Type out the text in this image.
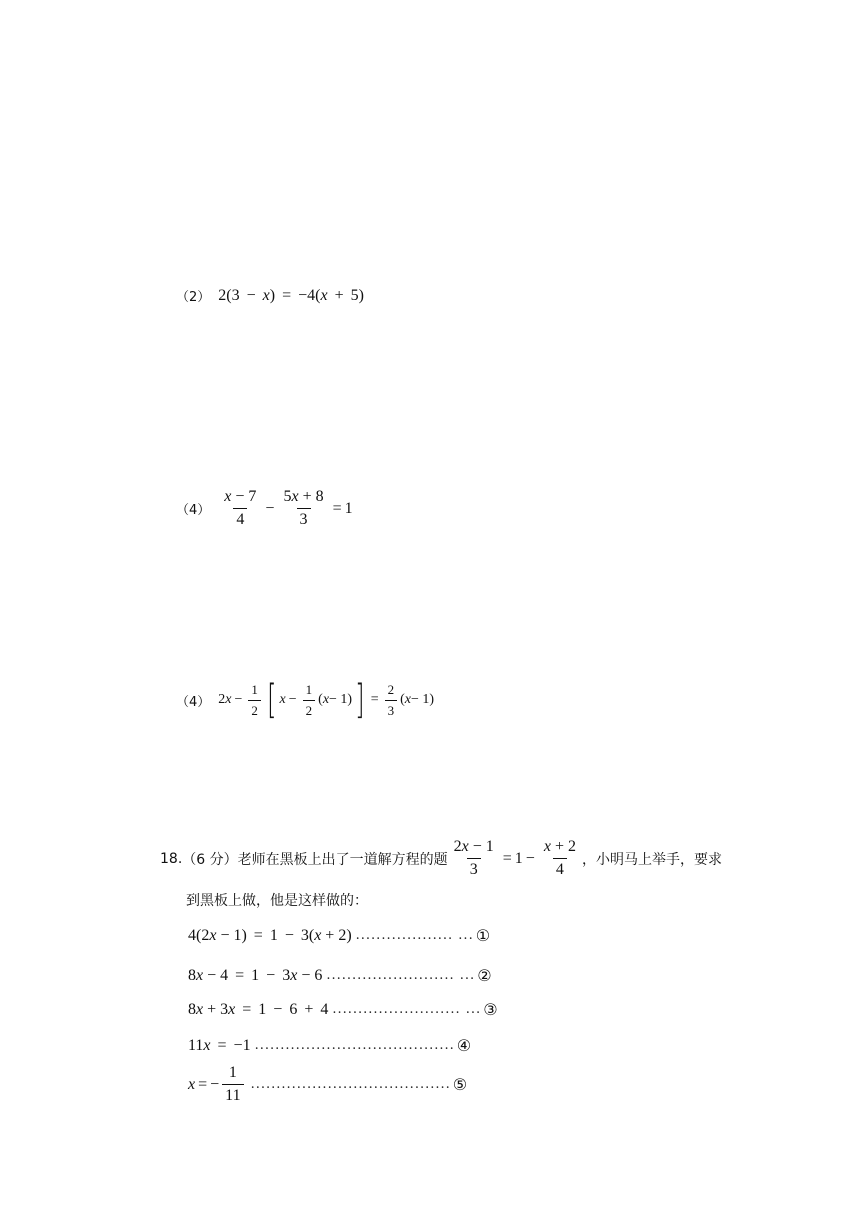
（2） 2(3 − x) = −4(x + 5)
$(4) \frac{x - 7}{4} - \frac{5x + 8}{3} = 1$
（4） 2 $x - \frac{1}{2}$ [ $x - \frac{1}{2}$ ( x − 1) ] = $\frac{2}{3}$ ( x − 1)
18. （6 分）老师在黑板上出了一道解方程的题 $\frac{2x - 1}{3} = 1 - \frac{x + 2}{4}$ ，小明马上举手，要求
到黑板上做，他是这样做的：
4(2x − 1) = 1 − 3(x + 2) ................... ... ①
8x − 4 = 1 − 3x − 6 ......................... ... ②
8x + 3x = 1 − 6 + 4 ......................... ... ③
11x = −1 ....................................... ④
x = − $\frac{1}{11}$ ....................................... ⑤
